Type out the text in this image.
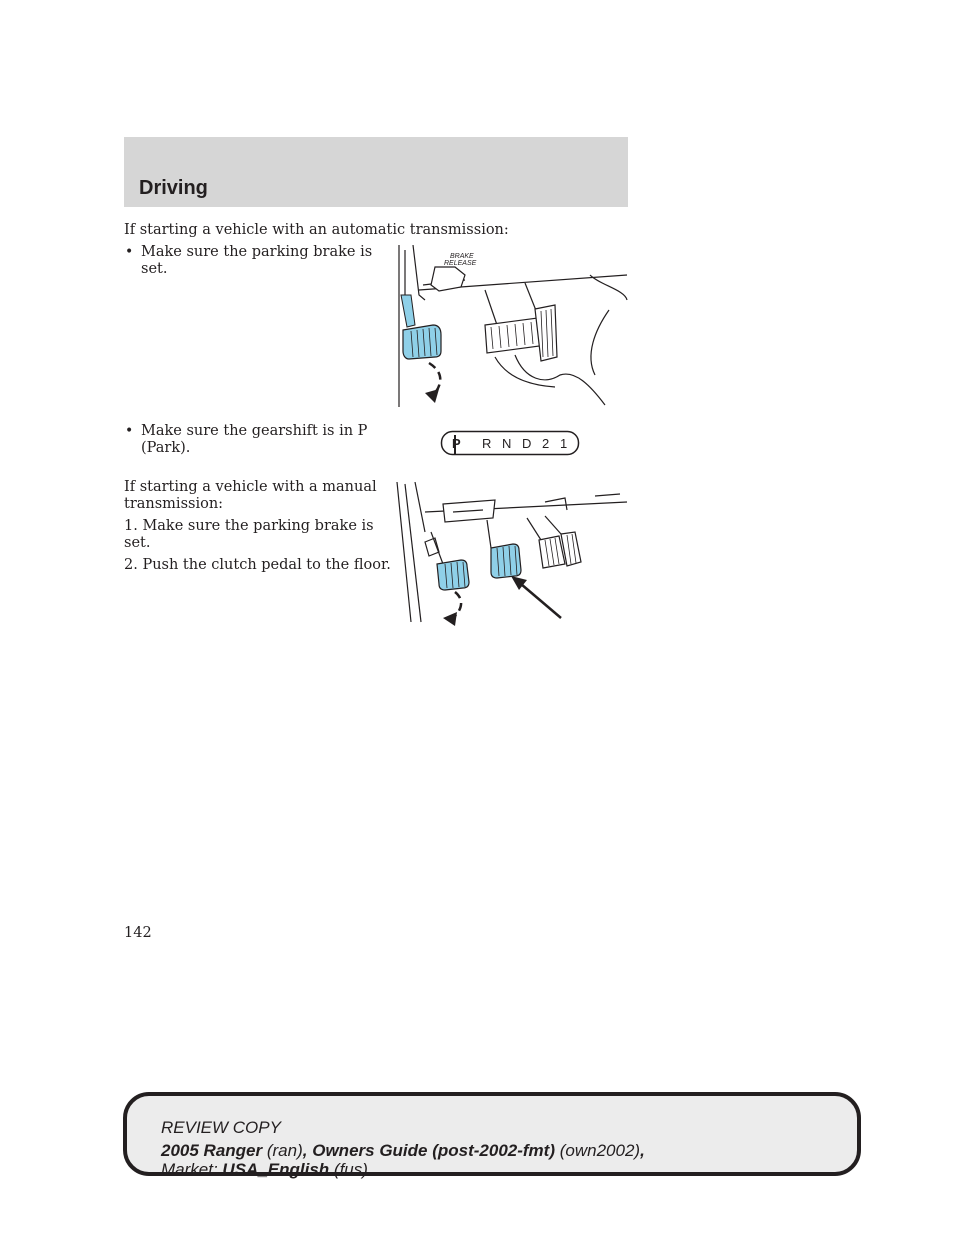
Driving
If starting a vehicle with an automatic transmission:
• Make sure the parking brake is
set.
BRAKE
RELEASE
• Make sure the gearshift is in P
(Park).	P R N D 2 1
If starting a vehicle with a manual
transmission:
1. Make sure the parking brake is
set.
2. Push the clutch pedal to the floor.
142
REVIEW COPY
2005 Ranger (ran), Owners Guide (post-2002-fmt) (own2002),
Market: USA_English (fus)
